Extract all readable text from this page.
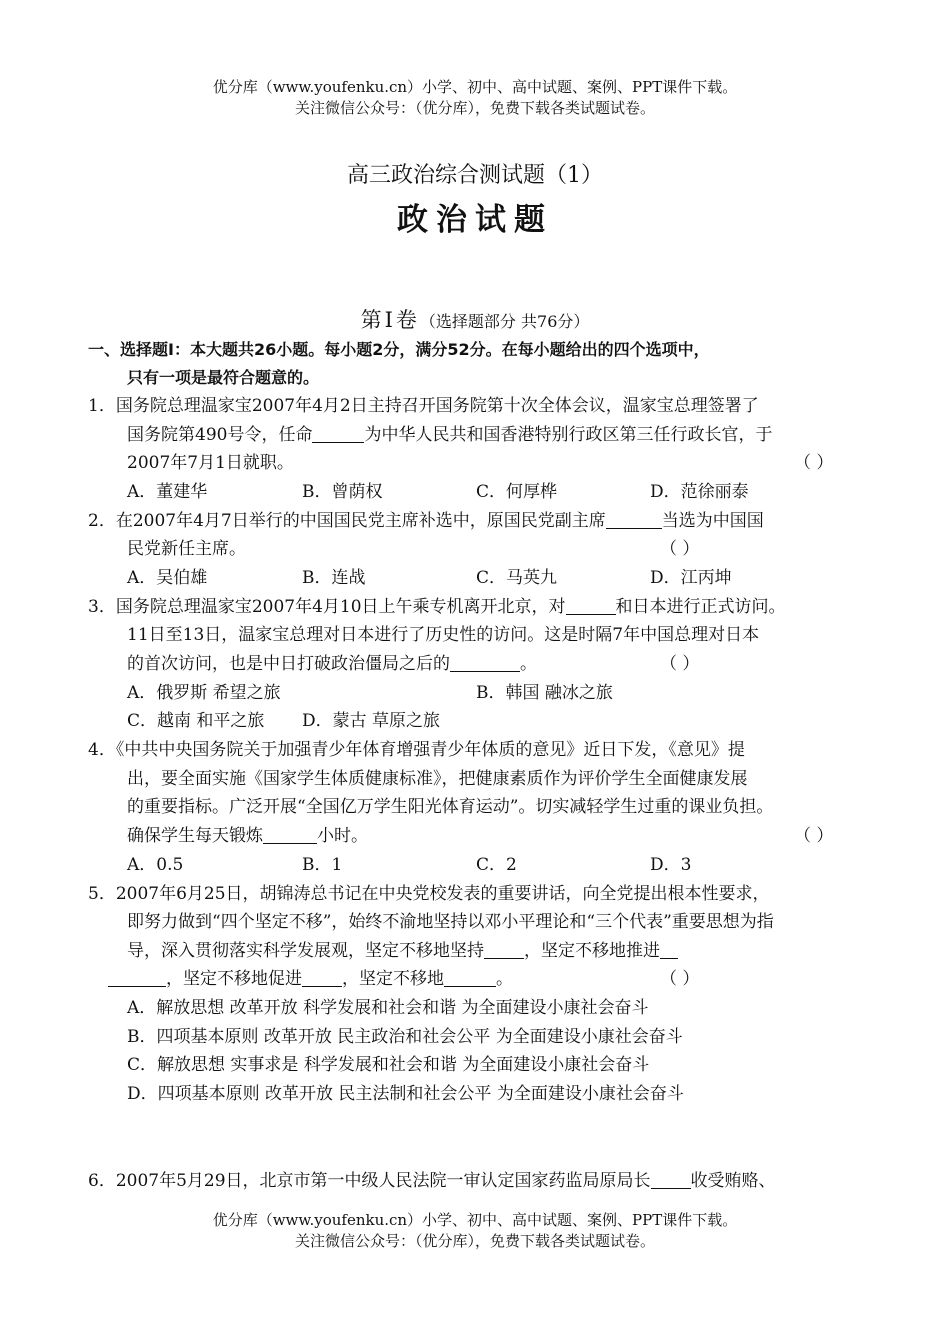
优分库（www.youfenku.cn）小学、初中、高中试题、案例、PPT课件下载。
关注微信公众号：（优分库），免费下载各类试题试卷。
高三政治综合测试题（1）
政治试题
第Ⅰ卷（选择题部分 共76分）
一、选择题Ⅰ：本大题共26小题。每小题2分，满分52分。在每小题给出的四个选项中，
只有一项是最符合题意的。
1．国务院总理温家宝2007年4月2日主持召开国务院第十次全体会议，温家宝总理签署了
国务院第490号令，任命	为中华人民共和国香港特别行政区第三任行政长官，于
2007年7月1日就职。	（ ）
A．董建华	B．曾荫权	C．何厚桦	D．范徐丽泰
2．在2007年4月7日举行的中国国民党主席补选中，原国民党副主席	当选为中国国
民党新任主席。	（ ）
A．吴伯雄	B．连战	C．马英九	D．江丙坤
3．国务院总理温家宝2007年4月10日上午乘专机离开北京，对	和日本进行正式访问。
11日至13日，温家宝总理对日本进行了历史性的访问。这是时隔7年中国总理对日本
的首次访问，也是中日打破政治僵局之后的	。	（ ）
A．俄罗斯 希望之旅	B．韩国 融冰之旅
C．越南 和平之旅 D．蒙古 草原之旅
4．《中共中央国务院关于加强青少年体育增强青少年体质的意见》近日下发，《意见》提
出，要全面实施《国家学生体质健康标准》，把健康素质作为评价学生全面健康发展
的重要指标。广泛开展“全国亿万学生阳光体育运动”。切实减轻学生过重的课业负担。
确保学生每天锻炼	小时。	（ ）
A．0.5	B．1	C．2	D．3
5．2007年6月25日，胡锦涛总书记在中央党校发表的重要讲话，向全党提出根本性要求，
即努力做到“四个坚定不移”，始终不渝地坚持以邓小平理论和“三个代表”重要思想为指
导，深入贯彻落实科学发展观，坚定不移地坚持 ，坚定不移地推进
，坚定不移地促进 ，坚定不移地	。	（ ）
A．解放思想 改革开放 科学发展和社会和谐 为全面建设小康社会奋斗
B．四项基本原则 改革开放 民主政治和社会公平 为全面建设小康社会奋斗
C．解放思想 实事求是 科学发展和社会和谐 为全面建设小康社会奋斗
D．四项基本原则 改革开放 民主法制和社会公平 为全面建设小康社会奋斗
6．2007年5月29日，北京市第一中级人民法院一审认定国家药监局原局长 收受贿赂、
优分库（www.youfenku.cn）小学、初中、高中试题、案例、PPT课件下载。
关注微信公众号：（优分库），免费下载各类试题试卷。
